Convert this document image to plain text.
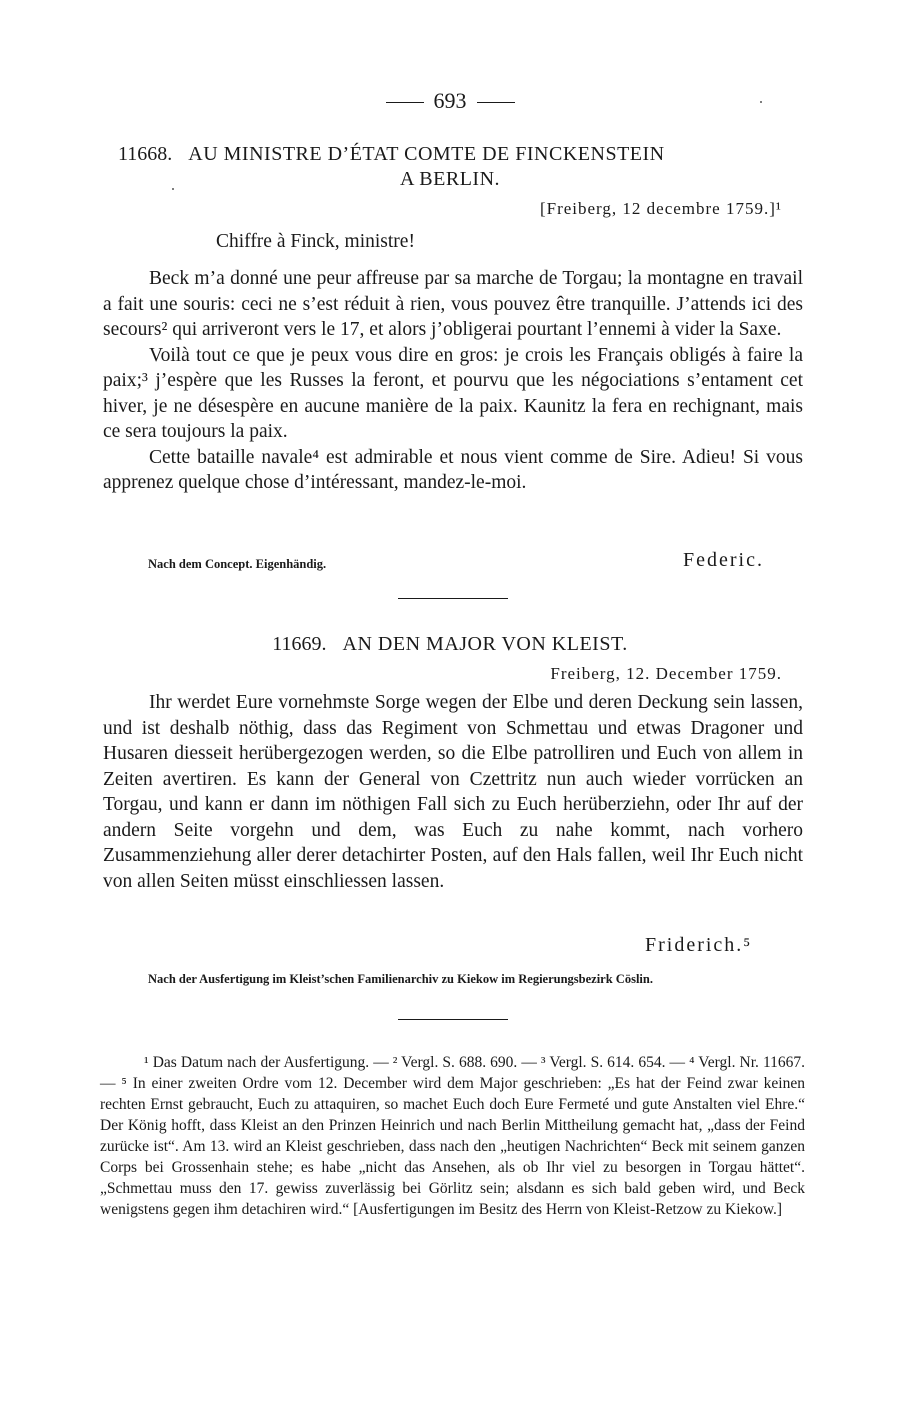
693
11668. AU MINISTRE D’ÉTAT COMTE DE FINCKENSTEIN
A BERLIN.
[Freiberg, 12 decembre 1759.]¹

Chiffre à Finck, ministre!

Beck m’a donné une peur affreuse par sa marche de Torgau; la montagne en travail a fait une souris: ceci ne s’est réduit à rien, vous pouvez être tranquille. J’attends ici des secours² qui arriveront vers le 17, et alors j’obligerai pourtant l’ennemi à vider la Saxe.

Voilà tout ce que je peux vous dire en gros: je crois les Français obligés à faire la paix;³ j’espère que les Russes la feront, et pourvu que les négociations s’entament cet hiver, je ne désespère en aucune manière de la paix. Kaunitz la fera en rechignant, mais ce sera toujours la paix.

Cette bataille navale⁴ est admirable et nous vient comme de Sire. Adieu! Si vous apprenez quelque chose d’intéressant, mandez-le-moi.

Nach dem Concept. Eigenhändig.	Federic.
11669. AN DEN MAJOR VON KLEIST.
Freiberg, 12. December 1759.

Ihr werdet Eure vornehmste Sorge wegen der Elbe und deren Deckung sein lassen, und ist deshalb nöthig, dass das Regiment von Schmettau und etwas Dragoner und Husaren diesseit herübergezogen werden, so die Elbe patrolliren und Euch von allem in Zeiten avertiren. Es kann der General von Czettritz nun auch wieder vorrücken an Torgau, und kann er dann im nöthigen Fall sich zu Euch herüberziehn, oder Ihr auf der andern Seite vorgehn und dem, was Euch zu nahe kommt, nach vorhero Zusammenziehung aller derer detachirter Posten, auf den Hals fallen, weil Ihr Euch nicht von allen Seiten müsst einschliessen lassen.

Friderich.⁵
Nach der Ausfertigung im Kleist’schen Familienarchiv zu Kiekow im Regierungsbezirk Cöslin.

¹ Das Datum nach der Ausfertigung. — ² Vergl. S. 688. 690. — ³ Vergl. S. 614. 654. — ⁴ Vergl. Nr. 11667. — ⁵ In einer zweiten Ordre vom 12. December wird dem Major geschrieben: „Es hat der Feind zwar keinen rechten Ernst gebraucht, Euch zu attaquiren, so machet Euch doch Eure Fermeté und gute Anstalten viel Ehre.“ Der König hofft, dass Kleist an den Prinzen Heinrich und nach Berlin Mittheilung gemacht hat, „dass der Feind zurücke ist“. Am 13. wird an Kleist geschrieben, dass nach den „heutigen Nachrichten“ Beck mit seinem ganzen Corps bei Grossenhain stehe; es habe „nicht das Ansehen, als ob Ihr viel zu besorgen in Torgau hättet“. „Schmettau muss den 17. gewiss zuverlässig bei Görlitz sein; alsdann es sich bald geben wird, und Beck wenigstens gegen ihm detachiren wird.“ [Ausfertigungen im Besitz des Herrn von Kleist-Retzow zu Kiekow.]
